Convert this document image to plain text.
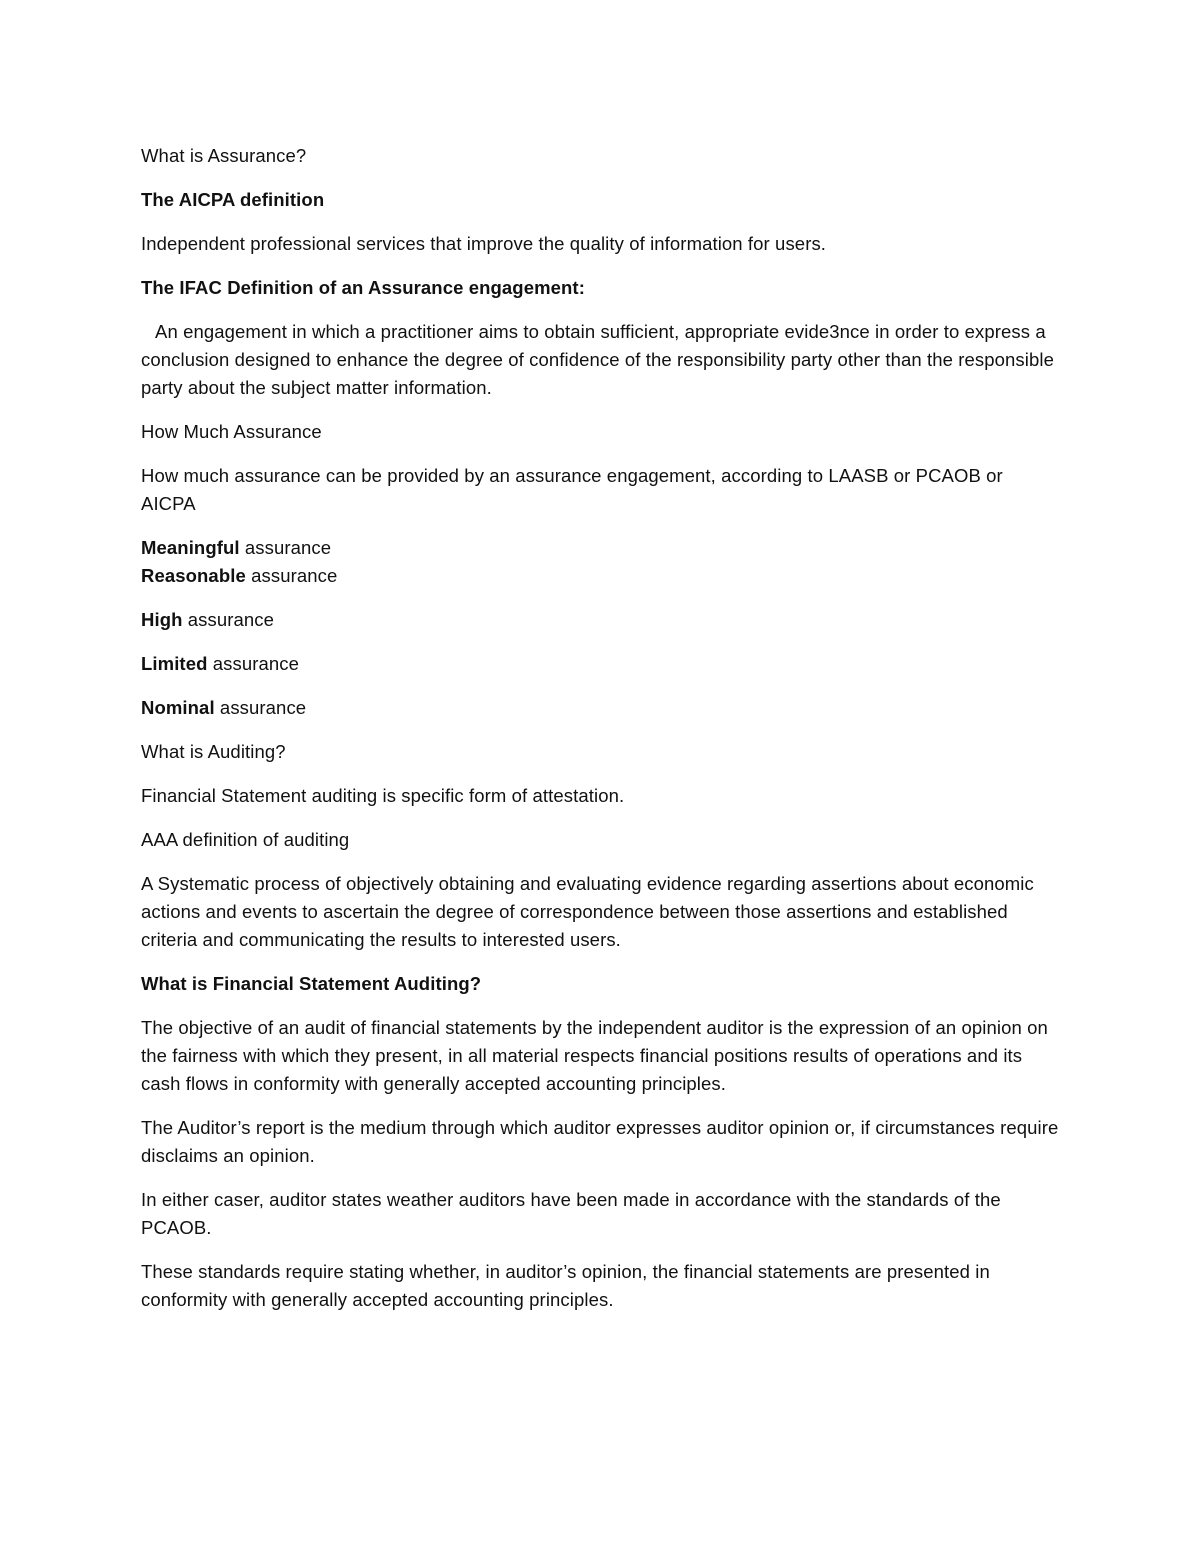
What is Assurance?

The AICPA definition

Independent professional services that improve the quality of information for users.

The IFAC Definition of an Assurance engagement:

An engagement in which a practitioner aims to obtain sufficient, appropriate evide3nce in order to express a conclusion designed to enhance the degree of confidence of the responsibility party other than the responsible party about the subject matter information.

How Much Assurance

How much assurance can be provided by an assurance engagement, according to LAASB or PCAOB or AICPA

Meaningful assurance

Reasonable assurance

High assurance

Limited assurance

Nominal assurance

What is Auditing?

Financial Statement auditing is specific form of attestation.

AAA definition of auditing

A Systematic process of objectively obtaining and evaluating evidence regarding assertions about economic actions and events to ascertain the degree of correspondence between those assertions and established criteria and communicating the results to interested users.

What is Financial Statement Auditing?

The objective of an audit of financial statements by the independent auditor is the expression of an opinion on the fairness with which they present, in all material respects financial positions results of operations and its cash flows in conformity with generally accepted accounting principles.

The Auditor’s report is the medium through which auditor expresses auditor opinion or, if circumstances require disclaims an opinion.

In either caser, auditor states weather auditors have been made in accordance with the standards of the PCAOB.

These standards require stating whether, in auditor’s opinion, the financial statements are presented in conformity with generally accepted accounting principles.
